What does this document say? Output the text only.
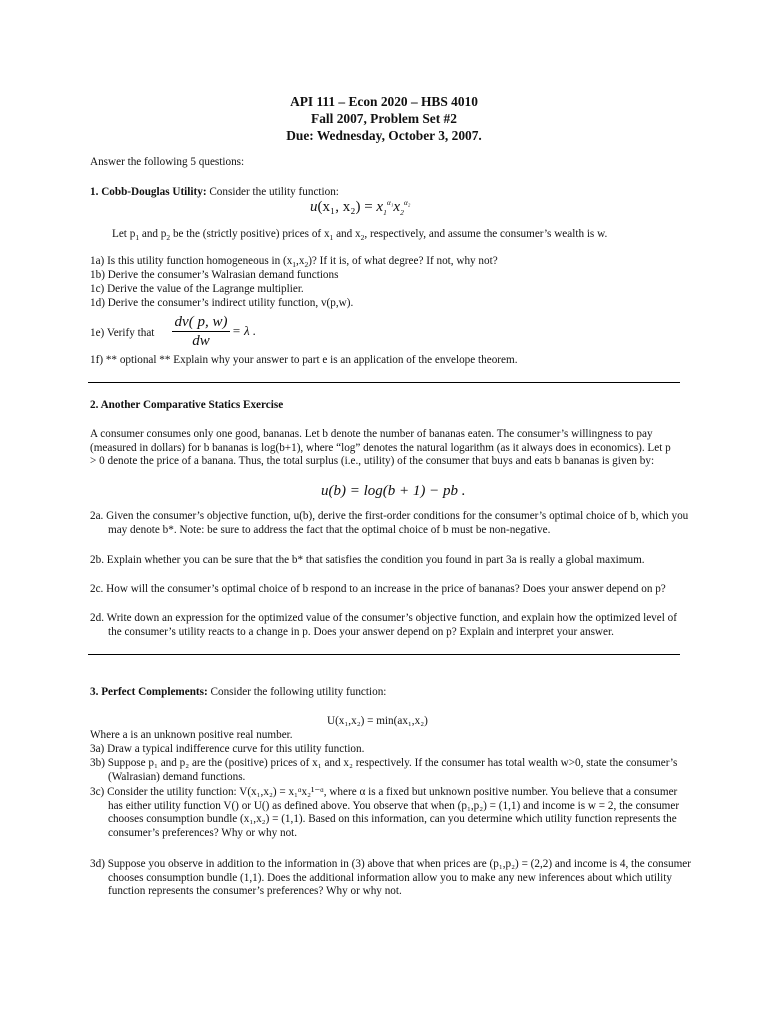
API 111 – Econ 2020 – HBS 4010
Fall 2007, Problem Set #2
Due: Wednesday, October 3, 2007.
Answer the following 5 questions:
1. Cobb-Douglas Utility: Consider the utility function:
u(x₁, $x_2) = x_1^{\alpha_1}x_2^{\alpha_2}$
Let $p_1$ and $p_2$ be the (strictly positive) prices of $x_1$ and $x_2$, respectively, and assume the consumer’s wealth is w.
1a) Is this utility function homogeneous in $(x_1,x_2)$? If it is, of what degree? If not, why not?
1b) Derive the consumer’s Walrasian demand functions
1c) Derive the value of the Lagrange multiplier.
1d) Derive the consumer’s indirect utility function, v(p,w).
1e) Verify that
dv( p, w)
dw
= λ .
1f) ** optional ** Explain why your answer to part e is an application of the envelope theorem.
2. Another Comparative Statics Exercise
A consumer consumes only one good, bananas. Let b denote the number of bananas eaten. The consumer’s willingness to pay (measured in dollars) for b bananas is log(b+1), where “log” denotes the natural logarithm (as it always does in economics). Let p > 0 denote the price of a banana. Thus, the total surplus (i.e., utility) of the consumer that buys and eats b bananas is given by:
u(b) = log(b + 1) − pb .
2a. Given the consumer’s objective function, u(b), derive the first-order conditions for the consumer’s optimal choice of b, which you may denote b*. Note: be sure to address the fact that the optimal choice of b must be non-negative.
2b. Explain whether you can be sure that the b* that satisfies the condition you found in part 3a is really a global maximum.
2c. How will the consumer’s optimal choice of b respond to an increase in the price of bananas? Does your answer depend on p?
2d. Write down an expression for the optimized value of the consumer’s objective function, and explain how the optimized level of the consumer’s utility reacts to a change in p. Does your answer depend on p? Explain and interpret your answer.
3. Perfect Complements: Consider the following utility function:
U(x₁,x₂) = min(ax₁,x₂)
Where a is an unknown positive real number.
3a) Draw a typical indifference curve for this utility function.
3b) Suppose p₁ and p₂ are the (positive) prices of x₁ and x₂ respectively. If the consumer has total wealth w>0, state the consumer’s (Walrasian) demand functions.
3c) Consider the utility function: V(x₁,x₂) = x₁ᵅx₂¹⁻ᵅ, where α is a fixed but unknown positive number. You believe that a consumer has either utility function V() or U() as defined above. You observe that when (p₁,p₂) = (1,1) and income is w = 2, the consumer chooses consumption bundle (x₁,x₂) = (1,1). Based on this information, can you determine which utility function represents the consumer’s preferences? Why or why not.
3d) Suppose you observe in addition to the information in (3) above that when prices are (p₁,p₂) = (2,2) and income is 4, the consumer chooses consumption bundle (1,1). Does the additional information allow you to make any new inferences about which utility function represents the consumer’s preferences? Why or why not.
